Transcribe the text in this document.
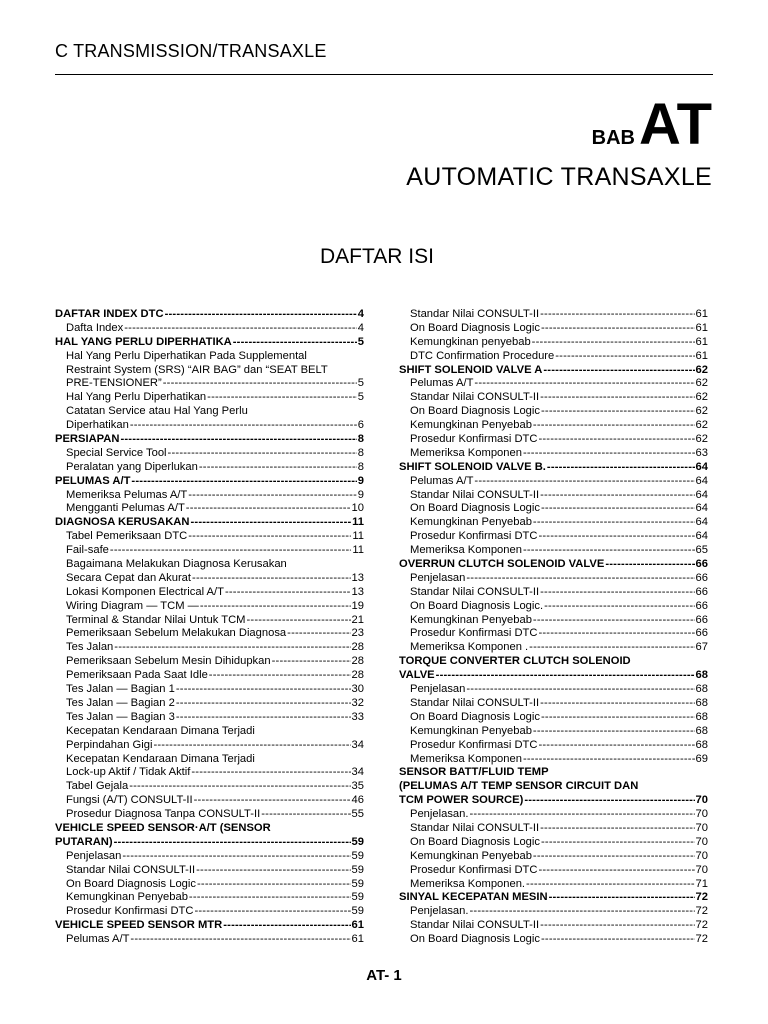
C TRANSMISSION/TRANSAXLE
BAB AT
AUTOMATIC TRANSAXLE
DAFTAR ISI
DAFTAR INDEX DTC -----	4
Dafta Index -----	4
HAL YANG PERLU DIPERHATIKA -----	5
Hal Yang Perlu Diperhatikan Pada Supplemental
Restraint System (SRS) “AIR BAG” dan “SEAT BELT
PRE-TENSIONER” -----	5
Hal Yang Perlu Diperhatikan -----	5
Catatan Service atau Hal Yang Perlu
Diperhatikan -----	6
PERSIAPAN -----	8
Special Service Tool -----	8
Peralatan yang Diperlukan -----	8
PELUMAS A/T -----	9
Memeriksa Pelumas A/T -----	9
Mengganti Pelumas A/T -----	10
DIAGNOSA KERUSAKAN -----	11
Tabel Pemeriksaan DTC -----	11
Fail-safe -----	11
Bagaimana Melakukan Diagnosa Kerusakan
Secara Cepat dan Akurat -----	13
Lokasi Komponen Electrical A/T -----	13
Wiring Diagram — TCM — -----	19
Terminal & Standar Nilai Untuk TCM -----	21
Pemeriksaan Sebelum Melakukan Diagnosa -----	23
Tes Jalan -----	28
Pemeriksaan Sebelum Mesin Dihidupkan -----	28
Pemeriksaan Pada Saat Idle -----	28
Tes Jalan — Bagian 1 -----	30
Tes Jalan — Bagian 2 -----	32
Tes Jalan — Bagian 3 -----	33
Kecepatan Kendaraan Dimana Terjadi
Perpindahan Gigi -----	34
Kecepatan Kendaraan Dimana Terjadi
Lock-up Aktif / Tidak Aktif -----	34
Tabel Gejala -----	35
Fungsi (A/T) CONSULT-II -----	46
Prosedur Diagnosa Tanpa CONSULT-II -----	55
VEHICLE SPEED SENSOR·A/T (SENSOR
PUTARAN) -----	59
Penjelasan -----	59
Standar Nilai CONSULT-II -----	59
On Board Diagnosis Logic -----	59
Kemungkinan Penyebab -----	59
Prosedur Konfirmasi DTC -----	59
VEHICLE SPEED SENSOR MTR -----	61
Pelumas A/T -----	61
Standar Nilai CONSULT-II -----	61
On Board Diagnosis Logic -----	61
Kemungkinan penyebab -----	61
DTC Confirmation Procedure -----	61
SHIFT SOLENOID VALVE A -----	62
Pelumas A/T -----	62
Standar Nilai CONSULT-II -----	62
On Board Diagnosis Logic -----	62
Kemungkinan Penyebab -----	62
Prosedur Konfirmasi DTC -----	62
Memeriksa Komponen -----	63
SHIFT SOLENOID VALVE B. -----	64
Pelumas A/T -----	64
Standar Nilai CONSULT-II -----	64
On Board Diagnosis Logic -----	64
Kemungkinan Penyebab -----	64
Prosedur Konfirmasi DTC -----	64
Memeriksa Komponen -----	65
OVERRUN CLUTCH SOLENOID VALVE -----	66
Penjelasan -----	66
Standar Nilai CONSULT-II -----	66
On Board Diagnosis Logic. -----	66
Kemungkinan Penyebab -----	66
Prosedur Konfirmasi DTC -----	66
Memeriksa Komponen . -----	67
TORQUE CONVERTER CLUTCH SOLENOID
VALVE -----	68
Penjelasan -----	68
Standar Nilai CONSULT-II -----	68
On Board Diagnosis Logic -----	68
Kemungkinan Penyebab -----	68
Prosedur Konfirmasi DTC -----	68
Memeriksa Komponen -----	69
SENSOR BATT/FLUID TEMP
(PELUMAS A/T TEMP SENSOR CIRCUIT DAN
TCM POWER SOURCE) -----	70
Penjelasan. -----	70
Standar Nilai CONSULT-II -----	70
On Board Diagnosis Logic -----	70
Kemungkinan Penyebab -----	70
Prosedur Konfirmasi DTC -----	70
Memeriksa Komponen. -----	71
SINYAL KECEPATAN MESIN -----	72
Penjelasan. -----	72
Standar Nilai CONSULT-II -----	72
On Board Diagnosis Logic -----	72
AT- 1
